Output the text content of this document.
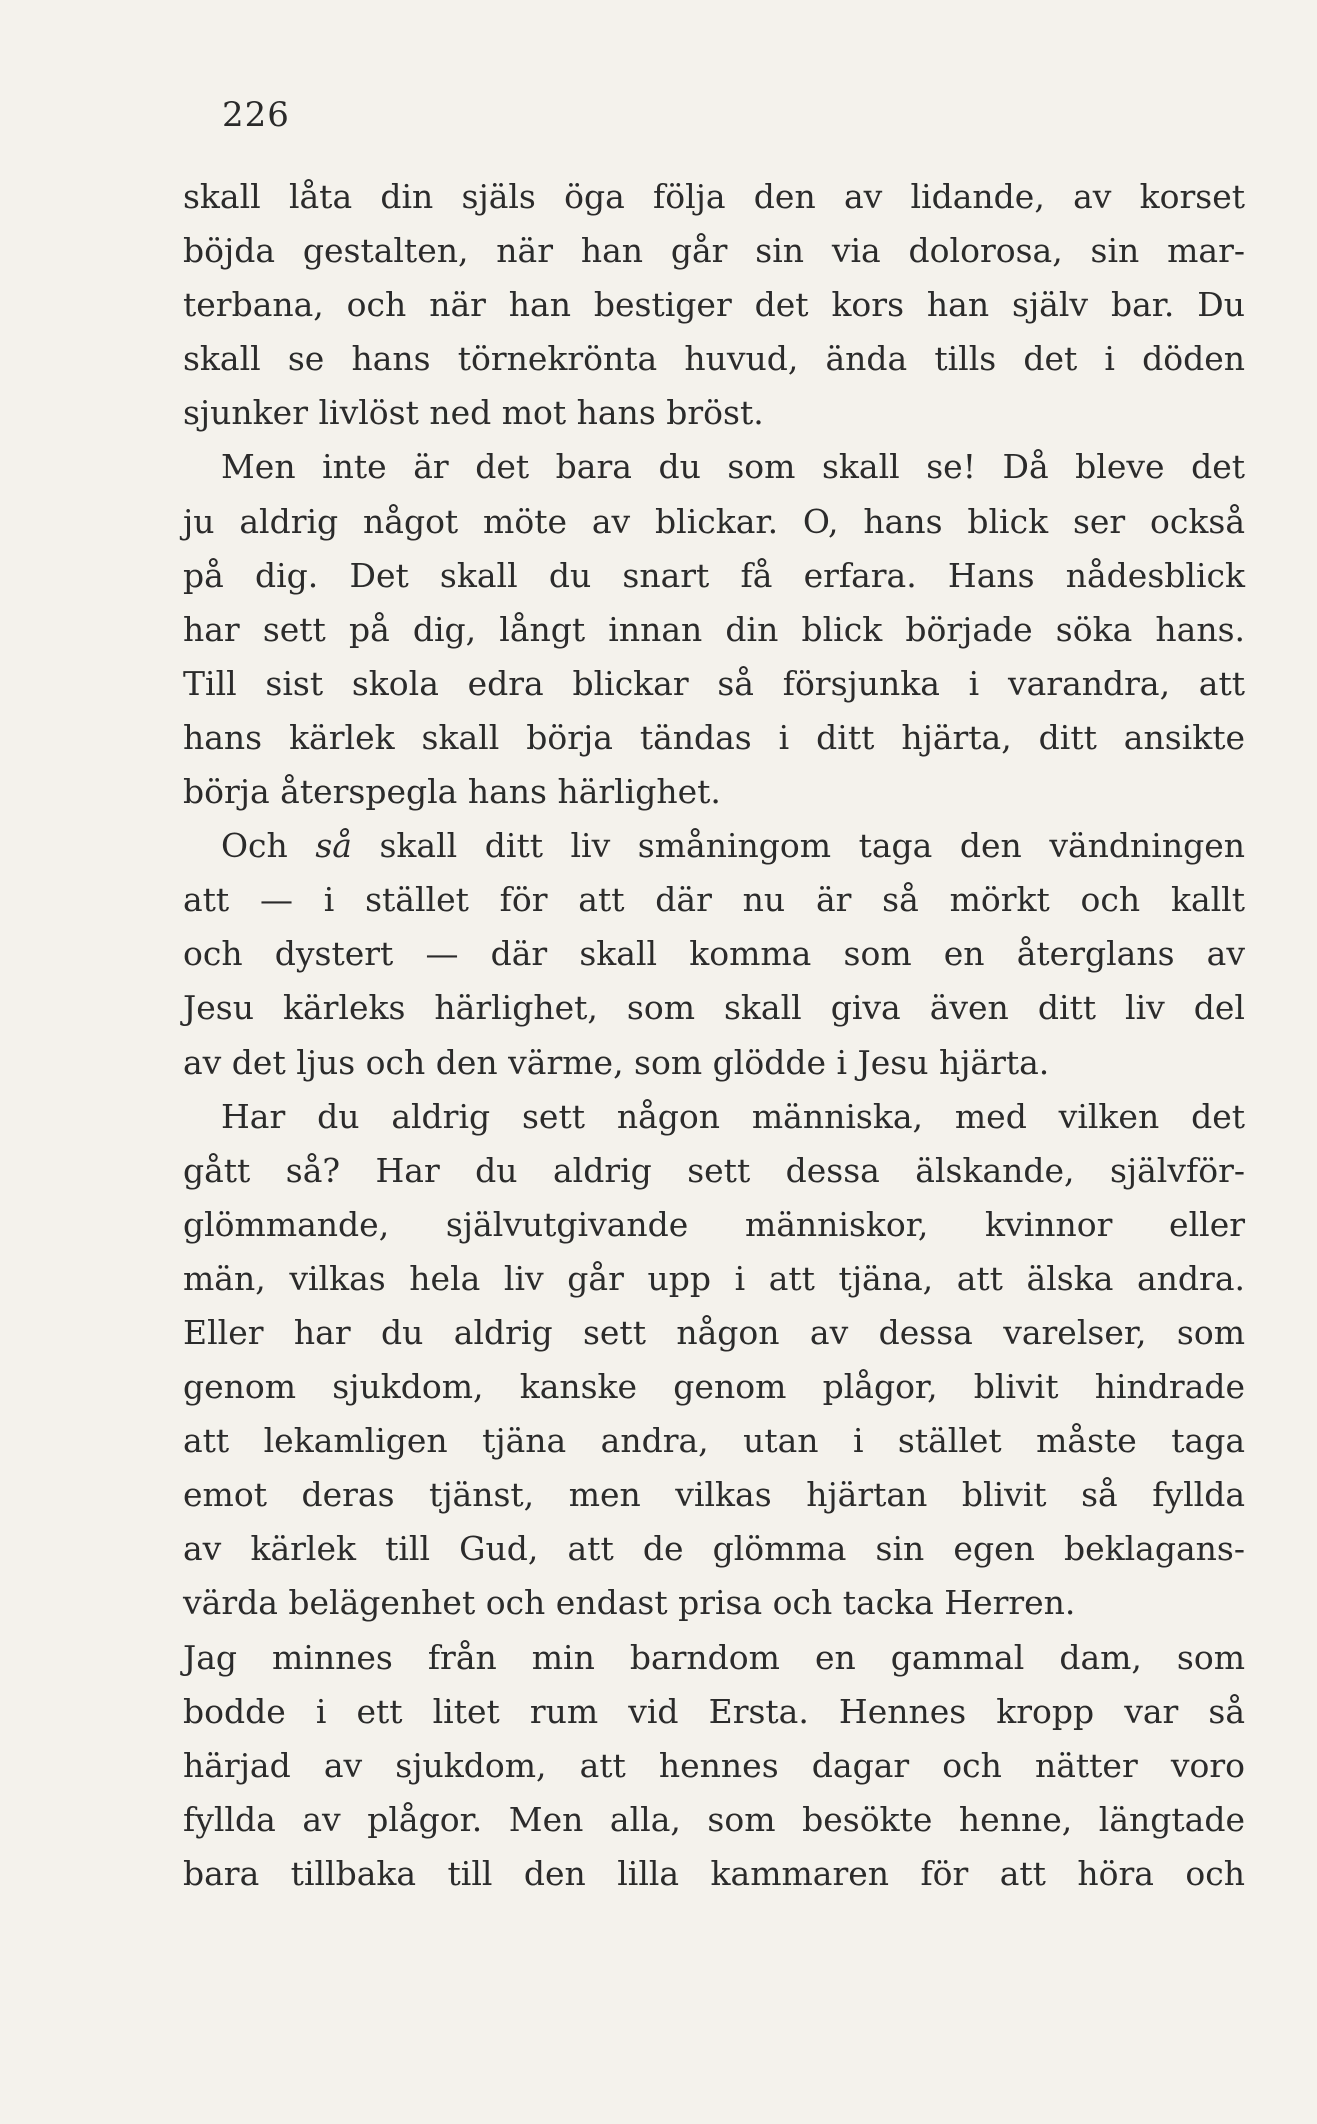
226
skall låta din själs öga följa den av lidande, av korset
böjda gestalten, när han går sin via dolorosa, sin mar-
terbana, och när han bestiger det kors han själv bar. Du
skall se hans törnekrönta huvud, ända tills det i döden
sjunker livlöst ned mot hans bröst.
Men inte är det bara du som skall se! Då bleve det
ju aldrig något möte av blickar. O, hans blick ser också
på dig. Det skall du snart få erfara. Hans nådesblick
har sett på dig, långt innan din blick började söka hans.
Till sist skola edra blickar så försjunka i varandra, att
hans kärlek skall börja tändas i ditt hjärta, ditt ansikte
börja återspegla hans härlighet.
Och så skall ditt liv småningom taga den vändningen
att — i stället för att där nu är så mörkt och kallt
och dystert — där skall komma som en återglans av
Jesu kärleks härlighet, som skall giva även ditt liv del
av det ljus och den värme, som glödde i Jesu hjärta.
Har du aldrig sett någon människa, med vilken det
gått så? Har du aldrig sett dessa älskande, självför-
glömmande, självutgivande människor, kvinnor eller
män, vilkas hela liv går upp i att tjäna, att älska andra.
Eller har du aldrig sett någon av dessa varelser, som
genom sjukdom, kanske genom plågor, blivit hindrade
att lekamligen tjäna andra, utan i stället måste taga
emot deras tjänst, men vilkas hjärtan blivit så fyllda
av kärlek till Gud, att de glömma sin egen beklagans-
värda belägenhet och endast prisa och tacka Herren.
Jag minnes från min barndom en gammal dam, som
bodde i ett litet rum vid Ersta. Hennes kropp var så
härjad av sjukdom, att hennes dagar och nätter voro
fyllda av plågor. Men alla, som besökte henne, längtade
bara tillbaka till den lilla kammaren för att höra och
